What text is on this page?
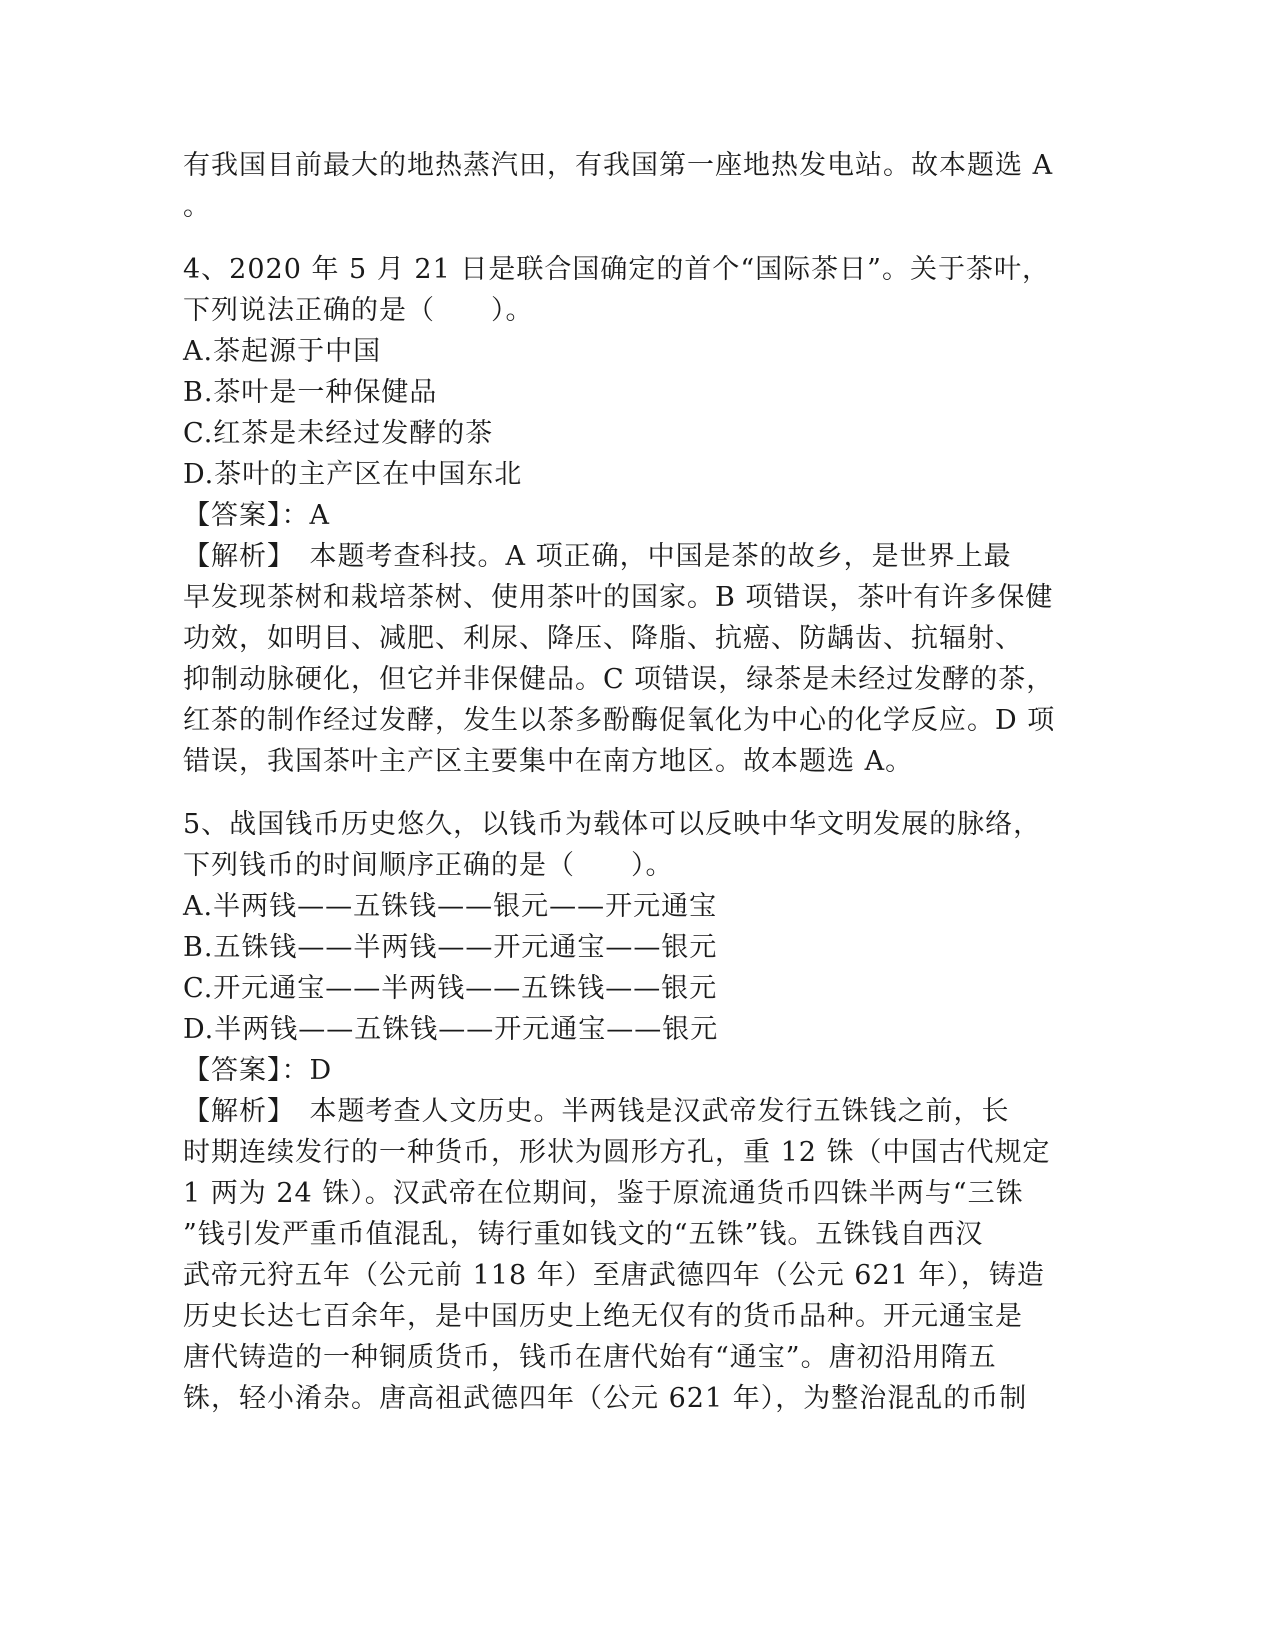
有我国目前最大的地热蒸汽田，有我国第一座地热发电站。故本题选 A
。
4、2020 年 5 月 21 日是联合国确定的首个“国际茶日”。关于茶叶，
下列说法正确的是（　　）。
A.茶起源于中国
B.茶叶是一种保健品
C.红茶是未经过发酵的茶
D.茶叶的主产区在中国东北
【答案】：A
【解析】　本题考查科技。A 项正确，中国是茶的故乡，是世界上最
早发现茶树和栽培茶树、使用茶叶的国家。B 项错误，茶叶有许多保健
功效，如明目、减肥、利尿、降压、降脂、抗癌、防龋齿、抗辐射、
抑制动脉硬化，但它并非保健品。C 项错误，绿茶是未经过发酵的茶，
红茶的制作经过发酵，发生以茶多酚酶促氧化为中心的化学反应。D 项
错误，我国茶叶主产区主要集中在南方地区。故本题选 A。
5、战国钱币历史悠久，以钱币为载体可以反映中华文明发展的脉络，
下列钱币的时间顺序正确的是（　　）。
A.半两钱——五铢钱——银元——开元通宝
B.五铢钱——半两钱——开元通宝——银元
C.开元通宝——半两钱——五铢钱——银元
D.半两钱——五铢钱——开元通宝——银元
【答案】：D
【解析】　本题考查人文历史。半两钱是汉武帝发行五铢钱之前，长
时期连续发行的一种货币，形状为圆形方孔，重 12 铢（中国古代规定
1 两为 24 铢）。汉武帝在位期间，鉴于原流通货币四铢半两与“三铢
”钱引发严重币值混乱，铸行重如钱文的“五铢”钱。五铢钱自西汉
武帝元狩五年（公元前 118 年）至唐武德四年（公元 621 年），铸造
历史长达七百余年，是中国历史上绝无仅有的货币品种。开元通宝是
唐代铸造的一种铜质货币，钱币在唐代始有“通宝”。唐初沿用隋五
铢，轻小淆杂。唐高祖武德四年（公元 621 年），为整治混乱的币制
